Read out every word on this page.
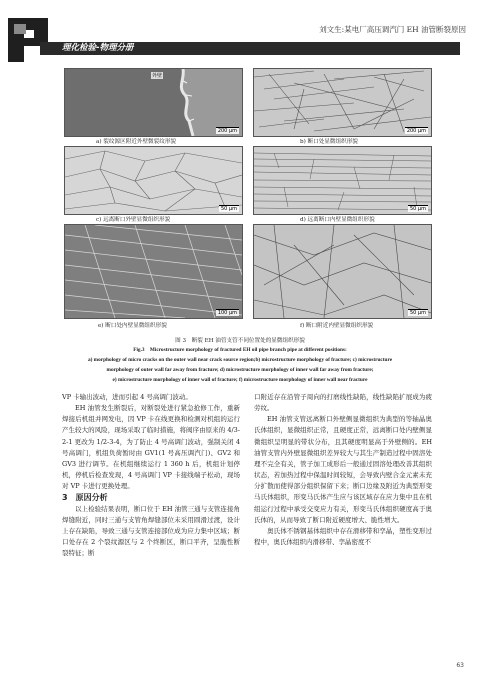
理化检验-物理分册
刘文生:某电厂高压调汽门 EH 油管断裂原因
外壁
200 μm
a) 裂纹源区附近外壁微裂纹形貌
200 μm
b) 断口处显微组织形貌
50 μm
c) 远离断口外壁显微组织形貌
50 μm
d) 远离断口内壁显微组织形貌
100 μm
e) 断口处内壁显微组织形貌
50 μm
f) 断口附近内壁显微组织形貌
图 3　断裂 EH 油管支管不同位置处的显微组织形貌
Fig.3　Microstructure morphology of fractured EH oil pipe branch pipe at different positions:
a) morphology of micro cracks on the outer wall near crack source region;b) microstructure morphology of fracture; c) microstructure
morphology of outer wall far away from fracture; d) microstructure morphology of inner wall far away from fracture;
e) microstructure morphology of inner wall of fracture; f) microstructure morphology of inner wall near fracture

VP 卡输出波动，进而引起 4 号高调门波动。

EH 油管发生断裂后，对断裂处进行紧急抢修工作，重新焊接后机组并网发电，因 VP 卡在线更换和检测对机组的运行产生较大的风险，现场采取了临时措施，将阀序由原来的 4/3-2-1 更改为 1/2-3-4，为了防止 4 号高调门波动，强制关闭 4 号高调门，机组负荷暂时由 GV1(1 号高压调汽门)、GV2 和 GV3 进行调节。在机组继续运行 1 360 h 后，机组计划停机，停机后检查发现，4 号高调门 VP 卡接线端子松动，现场对 VP 卡进行更换处理。

3　原因分析

以上检验结果表明，断口位于 EH 油管三通与支管连接角焊缝附近，同时三通与支管角焊缝部位未采用圆滑过渡，设计上存在缺陷，导致三通与支管连接部位成为应力集中区域；断口处存在 2 个裂纹源区与 2 个终断区，断口平齐，呈脆性断裂特征；断

口附近存在沿管子周向的打磨线性缺陷，线性缺陷扩展成为疲劳纹。

EH 油管支管远离断口外壁侧显微组织为典型的等轴晶奥氏体组织，显微组织正常，且硬度正常，远离断口处内壁侧显微组织呈明显的带状分布，且其硬度明显高于外壁侧的。EH 油管支管内外壁显微组织差异较大与其生产制造过程中固溶处理不完全有关，管子加工成形后一般通过固溶处理改善其组织状态，若加热过程中保温时间较短，会导致内壁合金元素未充分扩散而使得部分组织保留下来；断口边缘及附近为典型形变马氏体组织，形变马氏体产生应与该区域存在应力集中且在机组运行过程中承受交变应力有关，形变马氏体组织硬度高于奥氏体的，从而导致了断口附近硬度增大、脆性增大。

奥氏体不锈钢基体组织中存在滑移带和孪晶，塑性变形过程中，奥氏体组织内滑移带、孪晶密度不

63
